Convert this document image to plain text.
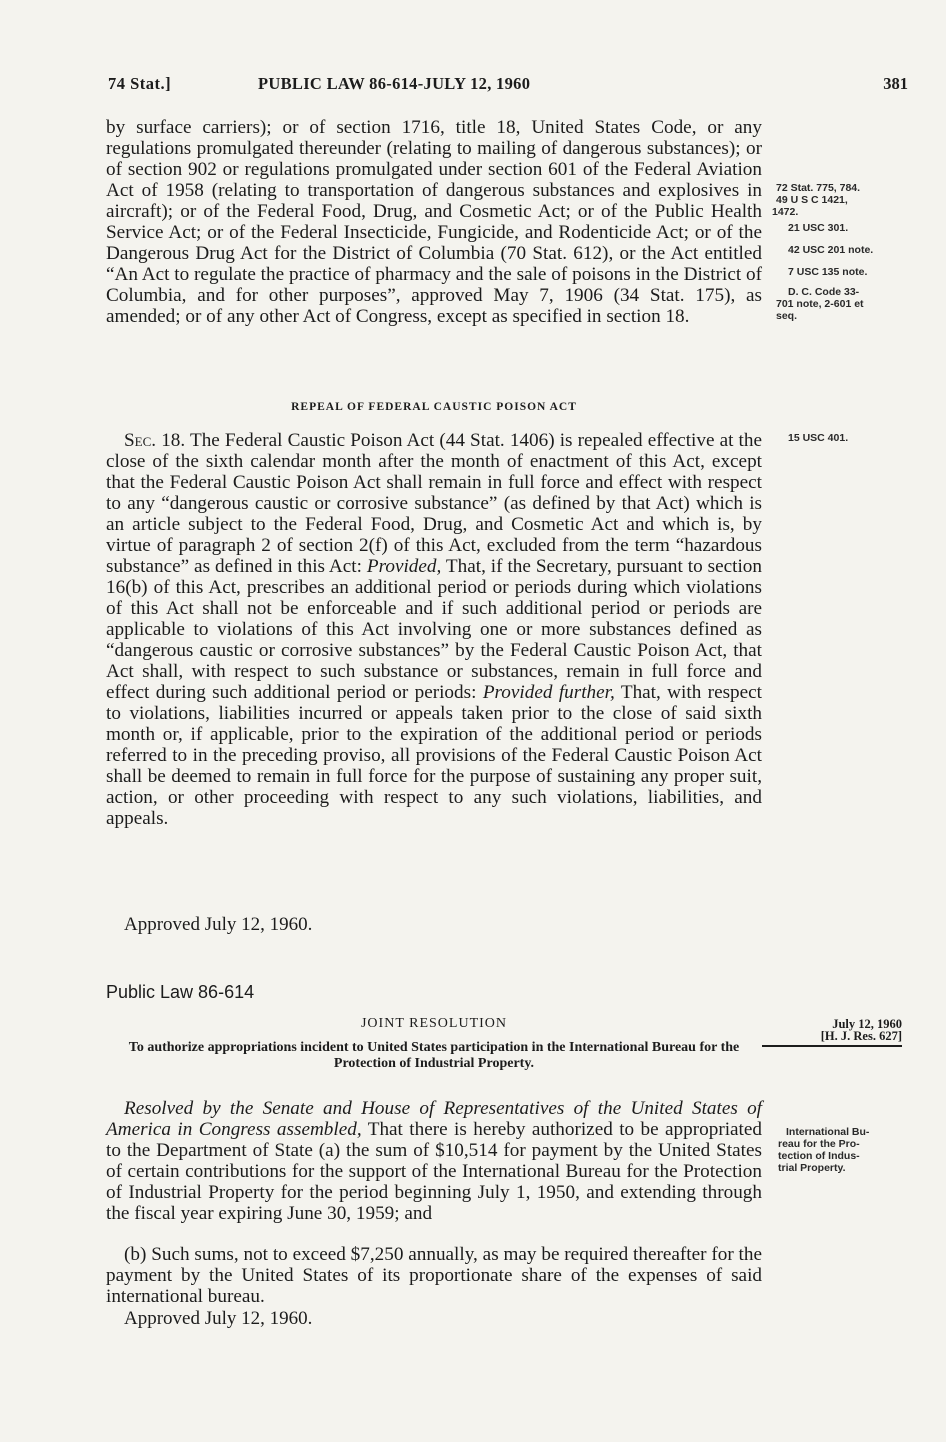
74 Stat.]	PUBLIC LAW 86-614-JULY 12, 1960	381

by surface carriers); or of section 1716, title 18, United States Code, or any regulations promulgated thereunder (relating to mailing of dangerous substances); or of section 902 or regulations promulgated under section 601 of the Federal Aviation Act of 1958 (relating to transportation of dangerous substances and explosives in aircraft); or of the Federal Food, Drug, and Cosmetic Act; or of the Public Health Service Act; or of the Federal Insecticide, Fungicide, and Rodenticide Act; or of the Dangerous Drug Act for the District of Columbia (70 Stat. 612), or the Act entitled “An Act to regulate the practice of pharmacy and the sale of poisons in the District of Columbia, and for other purposes”, approved May 7, 1906 (34 Stat. 175), as amended; or of any other Act of Congress, except as specified in section 18.

REPEAL OF FEDERAL CAUSTIC POISON ACT

Sec. 18. The Federal Caustic Poison Act (44 Stat. 1406) is repealed effective at the close of the sixth calendar month after the month of enactment of this Act, except that the Federal Caustic Poison Act shall remain in full force and effect with respect to any “dangerous caustic or corrosive substance” (as defined by that Act) which is an article subject to the Federal Food, Drug, and Cosmetic Act and which is, by virtue of paragraph 2 of section 2(f) of this Act, excluded from the term “hazardous substance” as defined in this Act: Provided, That, if the Secretary, pursuant to section 16(b) of this Act, prescribes an additional period or periods during which violations of this Act shall not be enforceable and if such additional period or periods are applicable to violations of this Act involving one or more substances defined as “dangerous caustic or corrosive substances” by the Federal Caustic Poison Act, that Act shall, with respect to such substance or substances, remain in full force and effect during such additional period or periods: Provided further, That, with respect to violations, liabilities incurred or appeals taken prior to the close of said sixth month or, if applicable, prior to the expiration of the additional period or periods referred to in the preceding proviso, all provisions of the Federal Caustic Poison Act shall be deemed to remain in full force for the purpose of sustaining any proper suit, action, or other proceeding with respect to any such violations, liabilities, and appeals.

Approved July 12, 1960.

Public Law 86-614

JOINT RESOLUTION

To authorize appropriations incident to United States participation in the International Bureau for the Protection of Industrial Property.

Resolved by the Senate and House of Representatives of the United States of America in Congress assembled, That there is hereby authorized to be appropriated to the Department of State (a) the sum of $10,514 for payment by the United States of certain contributions for the support of the International Bureau for the Protection of Industrial Property for the period beginning July 1, 1950, and extending through the fiscal year expiring June 30, 1959; and

(b) Such sums, not to exceed $7,250 annually, as may be required thereafter for the payment by the United States of its proportionate share of the expenses of said international bureau.

Approved July 12, 1960.

72 Stat. 775, 784.
49 U S C 1421,
1472.
21 USC 301.
42 USC 201 note.
7 USC 135 note.
D. C. Code 33-
701 note, 2-601 et
seq.
15 USC 401.
July 12, 1960
[H. J. Res. 627]
International Bu-
reau for the Pro-
tection of Indus-
trial Property.
